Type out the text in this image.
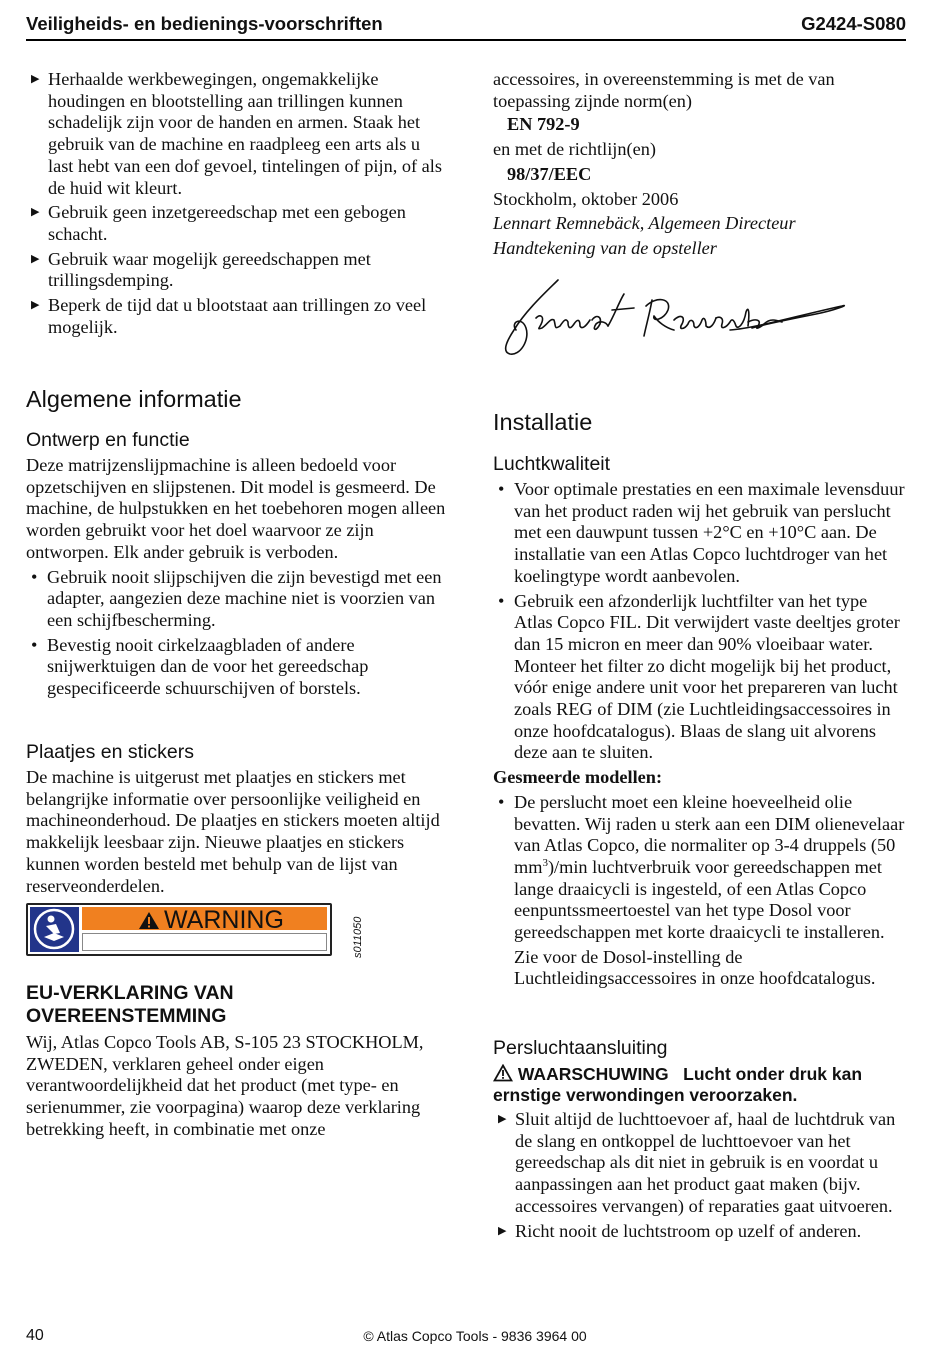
Veiligheids- en bedienings-voorschriften	G2424-S080
▶ Herhaalde werkbewegingen, ongemakkelijke houdingen en blootstelling aan trillingen kunnen schadelijk zijn voor de handen en armen. Staak het gebruik van de machine en raadpleeg een arts als u last hebt van een dof gevoel, tintelingen of pijn, of als de huid wit kleurt.
▶ Gebruik geen inzetgereedschap met een gebogen schacht.
▶ Gebruik waar mogelijk gereedschappen met trillingsdemping.
▶ Beperk de tijd dat u blootstaat aan trillingen zo veel mogelijk.
Algemene informatie
Ontwerp en functie

Deze matrijzenslijpmachine is alleen bedoeld voor opzetschijven en slijpstenen. Dit model is gesmeerd. De machine, de hulpstukken en het toebehoren mogen alleen worden gebruikt voor het doel waarvoor ze zijn ontworpen. Elk ander gebruik is verboden.

• Gebruik nooit slijpschijven die zijn bevestigd met een adapter, aangezien deze machine niet is voorzien van een schijfbescherming.
• Bevestig nooit cirkelzaagbladen of andere snijwerktuigen dan de voor het gereedschap gespecificeerde schuurschijven of borstels.
Plaatjes en stickers

De machine is uitgerust met plaatjes en stickers met belangrijke informatie over persoonlijke veiligheid en machineonderhoud. De plaatjes en stickers moeten altijd makkelijk leesbaar zijn. Nieuwe plaatjes en stickers kunnen worden besteld met behulp van de lijst van reserveonderdelen.

WARNING	s011050
EU-VERKLARING VAN
OVEREENSTEMMING

Wij, Atlas Copco Tools AB, S-105 23 STOCKHOLM, ZWEDEN, verklaren geheel onder eigen verantwoordelijkheid dat het product (met type- en serienummer, zie voorpagina) waarop deze verklaring betrekking heeft, in combinatie met onze

accessoires, in overeenstemming is met de van toepassing zijnde norm(en)

EN 792-9

en met de richtlijn(en)

98/37/EEC

Stockholm, oktober 2006

Lennart Remnebäck, Algemeen Directeur

Handtekening van de opsteller

Installatie
Luchtkwaliteit
• Voor optimale prestaties en een maximale levensduur van het product raden wij het gebruik van perslucht met een dauwpunt tussen +2°C en +10°C aan. De installatie van een Atlas Copco luchtdroger van het koelingtype wordt aanbevolen.
• Gebruik een afzonderlijk luchtfilter van het type Atlas Copco FIL. Dit verwijdert vaste deeltjes groter dan 15 micron en meer dan 90% vloeibaar water. Monteer het filter zo dicht mogelijk bij het product, vóór enige andere unit voor het prepareren van lucht zoals REG of DIM (zie Luchtleidingsaccessoires in onze hoofdcatalogus). Blaas de slang uit alvorens deze aan te sluiten.

Gesmeerde modellen:

• De perslucht moet een kleine hoeveelheid olie bevatten. Wij raden u sterk aan een DIM olienevelaar van Atlas Copco, die normaliter op 3-4 druppels (50 $mm^3)/\min$ luchtverbruik voor gereedschappen met lange draaicycli is ingesteld, of een Atlas Copco eenpuntssmeertoestel van het type Dosol voor gereedschappen met korte draaicycli te installeren.

Zie voor de Dosol-instelling de Luchtleidingsaccessoires in onze hoofdcatalogus.

Persluchtaansluiting
WAARSCHUWING Lucht onder druk kan ernstige verwondingen veroorzaken.
▶ Sluit altijd de luchttoevoer af, haal de luchtdruk van de slang en ontkoppel de luchttoevoer van het gereedschap als dit niet in gebruik is en voordat u aanpassingen aan het product gaat maken (bijv. accessoires vervangen) of reparaties gaat uitvoeren.
▶ Richt nooit de luchtstroom op uzelf of anderen.
40	© Atlas Copco Tools - 9836 3964 00
